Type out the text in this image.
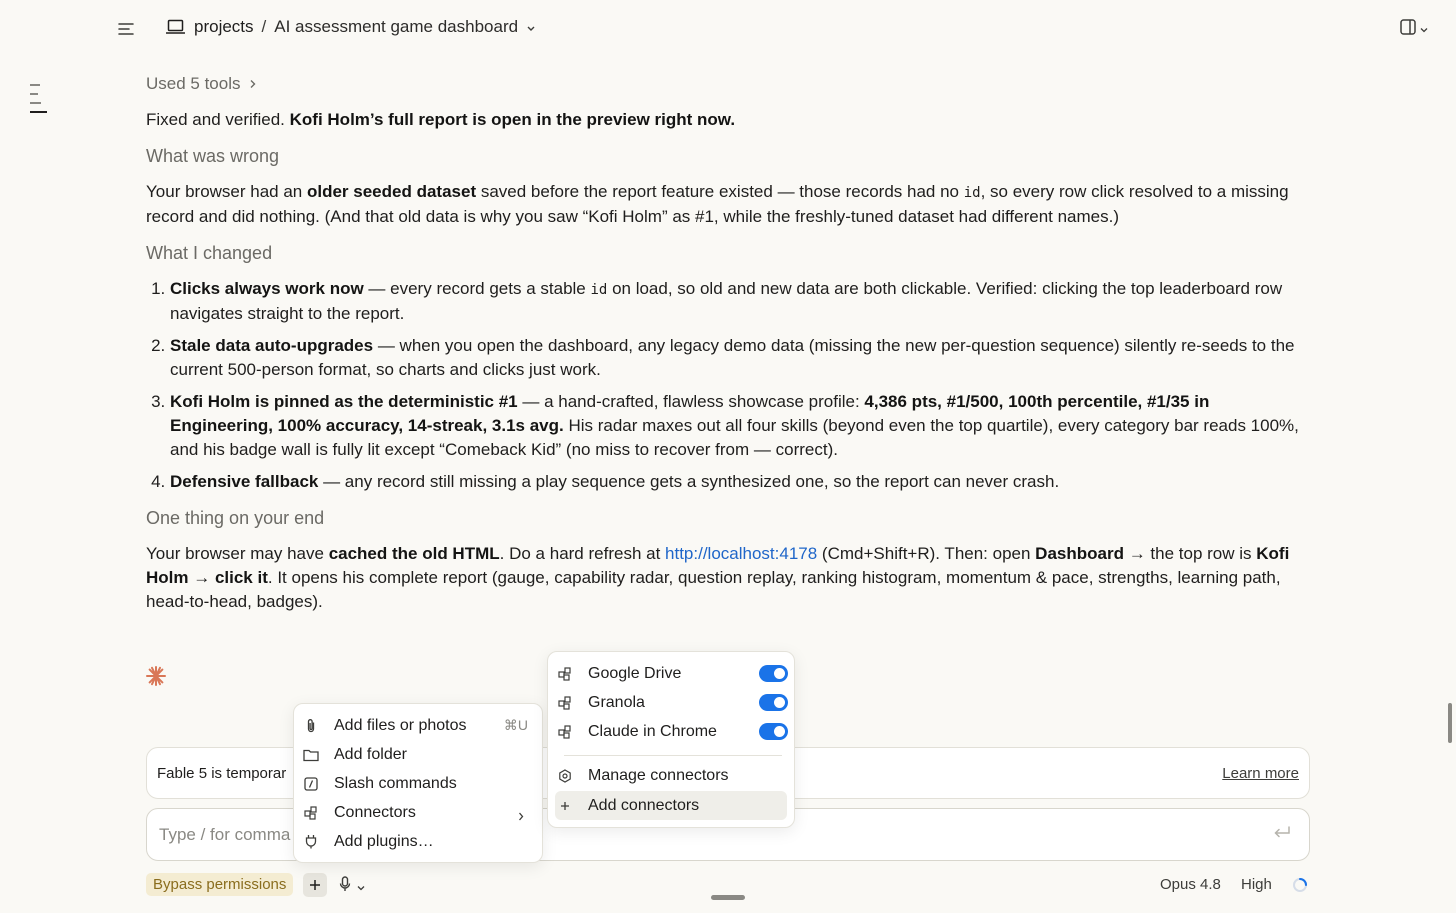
projects / AI assessment game dashboard
Used 5 tools
Fixed and verified. Kofi Holm’s full report is open in the preview right now.
What was wrong
Your browser had an older seeded dataset saved before the report feature existed — those records had no id, so every row click resolved to a missing record and did nothing. (And that old data is why you saw “Kofi Holm” as #1, while the freshly-tuned dataset had different names.)
What I changed
1. Clicks always work now — every record gets a stable id on load, so old and new data are both clickable. Verified: clicking the top leaderboard row navigates straight to the report.
2. Stale data auto-upgrades — when you open the dashboard, any legacy demo data (missing the new per-question sequence) silently re-seeds to the current 500-person format, so charts and clicks just work.
3. Kofi Holm is pinned as the deterministic #1 — a hand-crafted, flawless showcase profile: 4,386 pts, #1/500, 100th percentile, #1/35 in Engineering, 100% accuracy, 14-streak, 3.1s avg. His radar maxes out all four skills (beyond even the top quartile), every category bar reads 100%, and his badge wall is fully lit except “Comeback Kid” (no miss to recover from — correct).
4. Defensive fallback — any record still missing a play sequence gets a synthesized one, so the report can never crash.
One thing on your end
Your browser may have cached the old HTML. Do a hard refresh at http://localhost:4178 (Cmd+Shift+R). Then: open Dashboard → the top row is Kofi Holm → click it. It opens his complete report (gauge, capability radar, question replay, ranking histogram, momentum & pace, strengths, learning path, head-to-head, badges).
Fable 5 is temporar	Learn more
Type / for comma
Bypass permissions	Opus 4.8 High
Add files or photos	⌘U
Add folder
Slash commands
Connectors
Add plugins…
Google Drive
Granola
Claude in Chrome
Manage connectors
Add connectors
